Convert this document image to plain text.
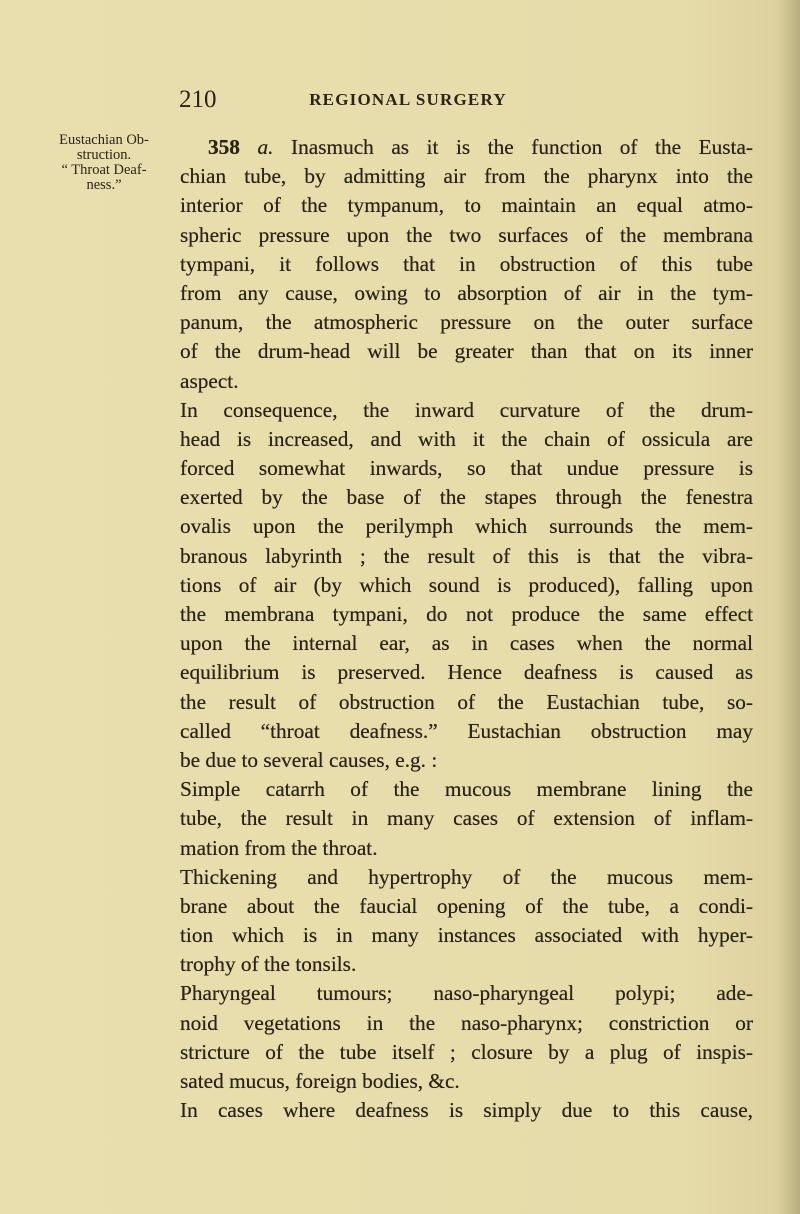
210	REGIONAL SURGERY
Eustachian Ob-
struction.
“ Throat Deaf-
ness.”
358 a. Inasmuch as it is the function of the Eusta-
chian tube, by admitting air from the pharynx into the
interior of the tympanum, to maintain an equal atmo-
spheric pressure upon the two surfaces of the membrana
tympani, it follows that in obstruction of this tube
from any cause, owing to absorption of air in the tym-
panum, the atmospheric pressure on the outer surface
of the drum-head will be greater than that on its inner
aspect.
In consequence, the inward curvature of the drum-
head is increased, and with it the chain of ossicula are
forced somewhat inwards, so that undue pressure is
exerted by the base of the stapes through the fenestra
ovalis upon the perilymph which surrounds the mem-
branous labyrinth ; the result of this is that the vibra-
tions of air (by which sound is produced), falling upon
the membrana tympani, do not produce the same effect
upon the internal ear, as in cases when the normal
equilibrium is preserved. Hence deafness is caused as
the result of obstruction of the Eustachian tube, so-
called “throat deafness.” Eustachian obstruction may
be due to several causes, e.g. :
Simple catarrh of the mucous membrane lining the
tube, the result in many cases of extension of inflam-
mation from the throat.
Thickening and hypertrophy of the mucous mem-
brane about the faucial opening of the tube, a condi-
tion which is in many instances associated with hyper-
trophy of the tonsils.
Pharyngeal tumours; naso-pharyngeal polypi; ade-
noid vegetations in the naso-pharynx; constriction or
stricture of the tube itself ; closure by a plug of inspis-
sated mucus, foreign bodies, &c.
In cases where deafness is simply due to this cause,
